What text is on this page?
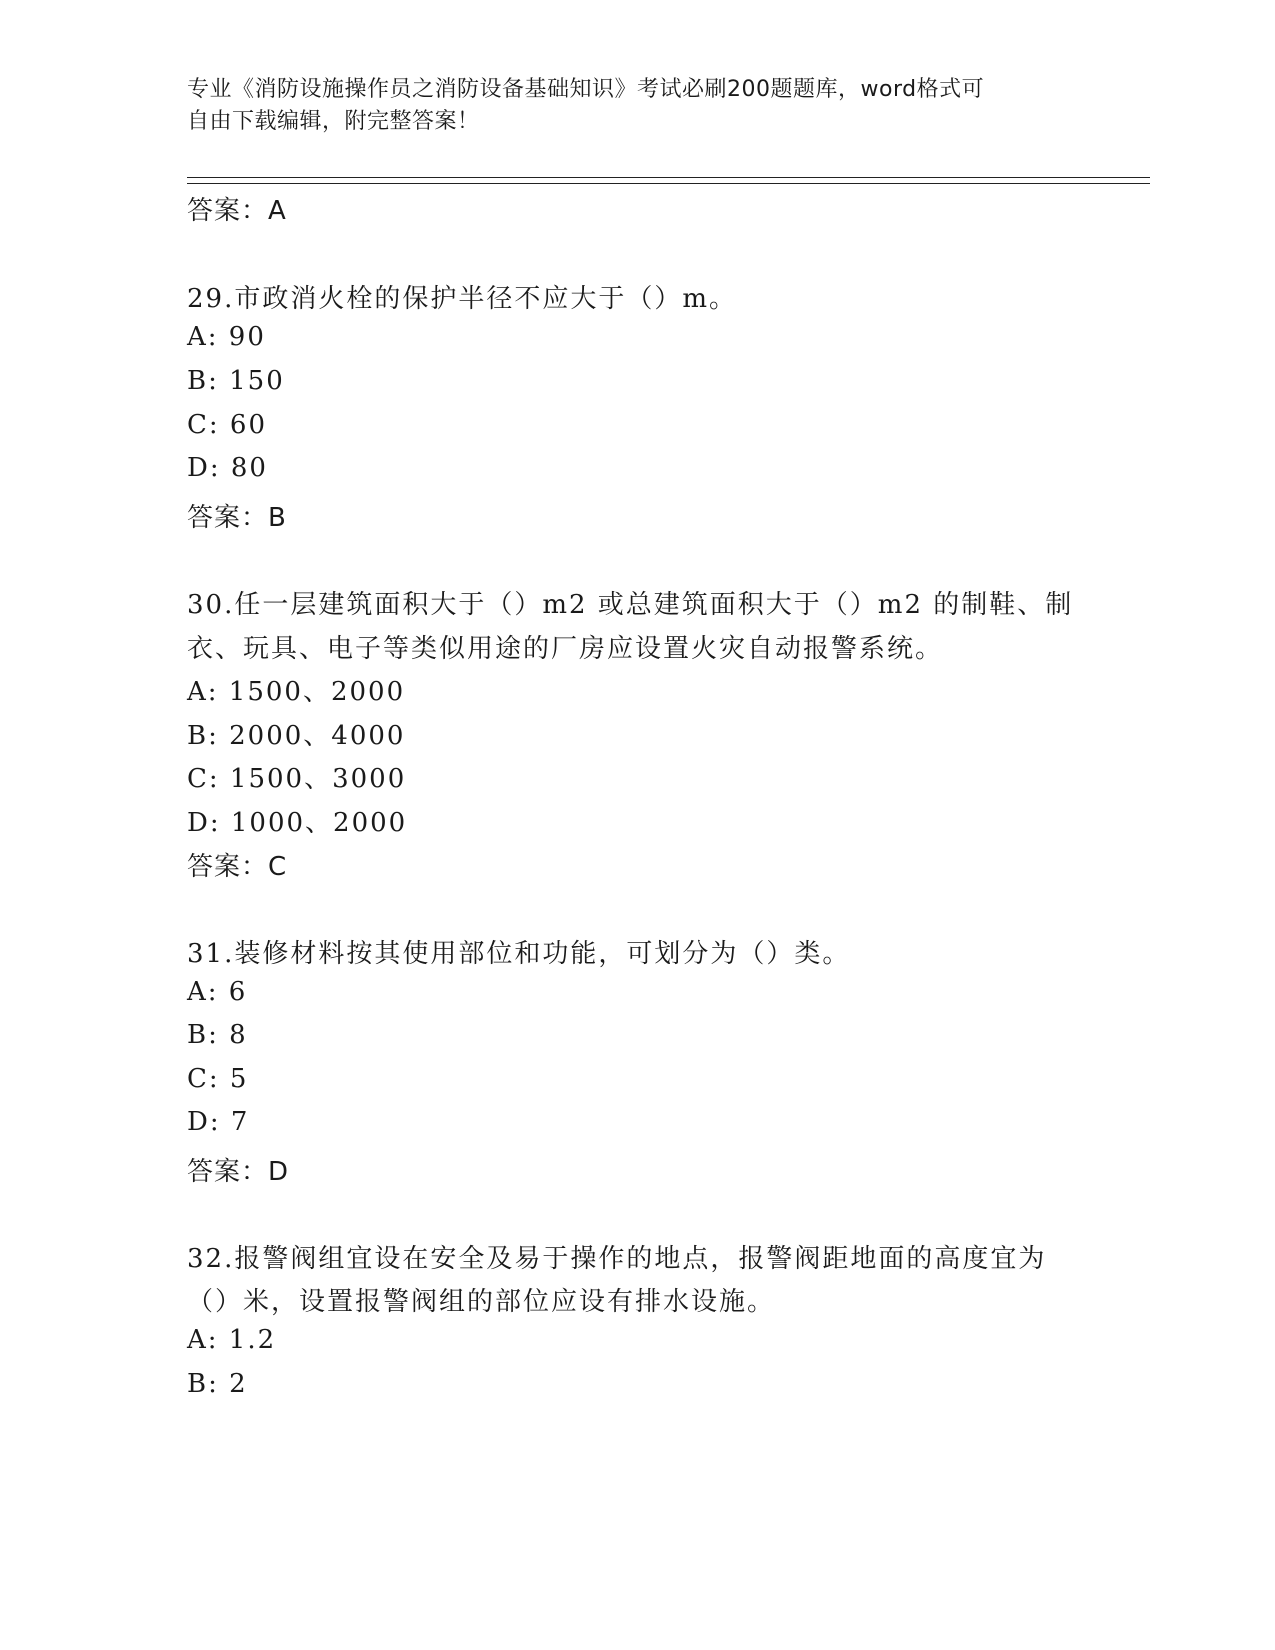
专业《消防设施操作员之消防设备基础知识》考试必刷200题题库，word格式可
自由下载编辑，附完整答案！
答案：A
29.市政消火栓的保护半径不应大于（）m。
A: 90
B: 150
C: 60
D: 80
答案：B
30.任一层建筑面积大于（）m2 或总建筑面积大于（）m2 的制鞋、制
衣、玩具、电子等类似用途的厂房应设置火灾自动报警系统。
A: 1500、2000
B: 2000、4000
C: 1500、3000
D: 1000、2000
答案：C
31.装修材料按其使用部位和功能，可划分为（）类。
A: 6
B: 8
C: 5
D: 7
答案：D
32.报警阀组宜设在安全及易于操作的地点，报警阀距地面的高度宜为
（）米，设置报警阀组的部位应设有排水设施。
A: 1.2
B: 2
